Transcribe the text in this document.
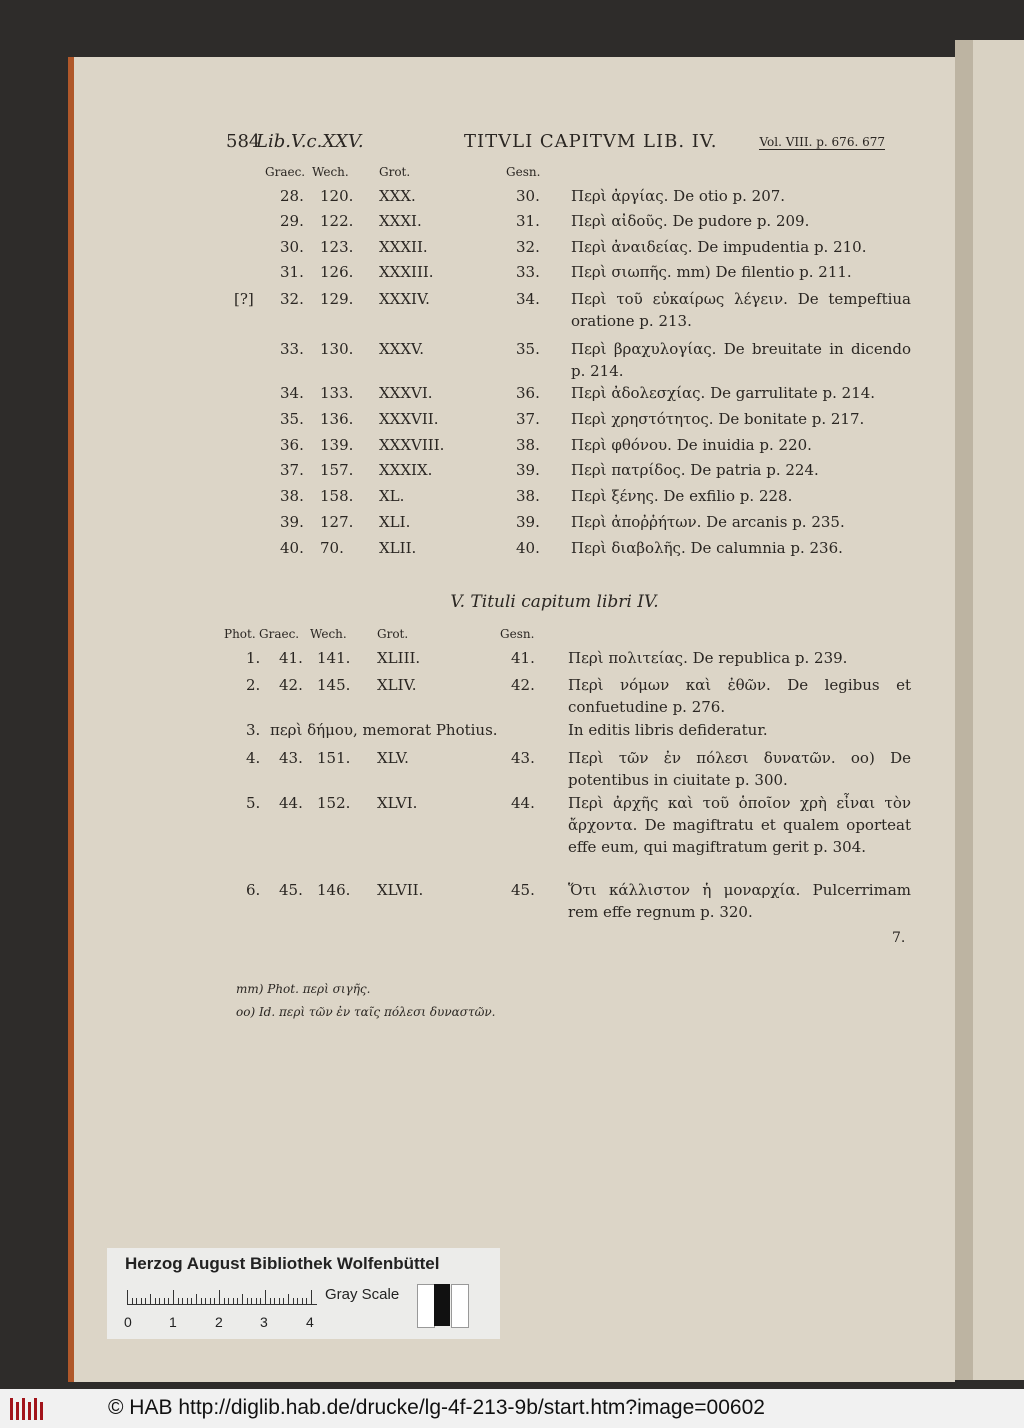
584
Lib.V.c.XXV.	TITVLI CAPITVM LIB. IV.	Vol. VIII. p. 676. 677
Graec. Wech.	Grot.	Gesn.
28. 120. XXX.	30. Περὶ ἀργίας. De otio p. 207.
29. 122. XXXI.	31. Περὶ αἰδοῦς. De pudore p. 209.
30. 123. XXXII.	32. Περὶ ἀναιδείας. De impudentia p. 210.
31. 126. XXXIII.	33. Περὶ σιωπῆς. mm) De filentio p. 211.
[?] 32. 129. XXXIV.	34. Περὶ τοῦ εὐκαίρως λέγειν. De tempeftiua oratione p. 213.
33. 130. XXXV.	35. Περὶ βραχυλογίας. De breuitate in dicendo p. 214.
34. 133. XXXVI.	36. Περὶ ἀδολεσχίας. De garrulitate p. 214.
35. 136. XXXVII.	37. Περὶ χρηστότητος. De bonitate p. 217.
36. 139. XXXVIII.	38. Περὶ φθόνου. De inuidia p. 220.
37. 157. XXXIX.	39. Περὶ πατρίδος. De patria p. 224.
38. 158. XL.	38. Περὶ ξένης. De exfilio p. 228.
39. 127. XLI.	39. Περὶ ἀποῤῥήτων. De arcanis p. 235.
40. 70. XLII.	40. Περὶ διαβολῆς. De calumnia p. 236.
V. Tituli capitum libri IV.
Phot. Graec. Wech.	Grot.	Gesn.
1. 41. 141. XLIII.	41. Περὶ πολιτείας. De republica p. 239.
2. 42. 145. XLIV.	42. Περὶ νόμων καὶ ἐθῶν. De legibus et confuetudine p. 276.
3. περὶ δήμου, memorat Photius.	In editis libris defideratur.
4. 43. 151. XLV.	43. Περὶ τῶν ἐν πόλεσι δυνατῶν. oo) De potentibus in ciuitate p. 300.
5. 44. 152. XLVI.	44. Περὶ ἀρχῆς καὶ τοῦ ὁποῖον χρὴ εἶναι τὸν ἄρχοντα. De magiftratu et qualem oporteat effe eum, qui magiftratum gerit p. 304.
6. 45. 146. XLVII.	45. Ὅτι κάλλιστον ἡ μοναρχία. Pulcerrimam rem effe regnum p. 320.
7.
mm) Phot. περὶ σιγῆς.
oo) Id. περὶ τῶν ἐν ταῖς πόλεσι δυναστῶν.
Herzog August Bibliothek Wolfenbüttel
0	1	2	3	4
Gray Scale
© HAB http://diglib.hab.de/drucke/lg-4f-213-9b/start.htm?image=00602
